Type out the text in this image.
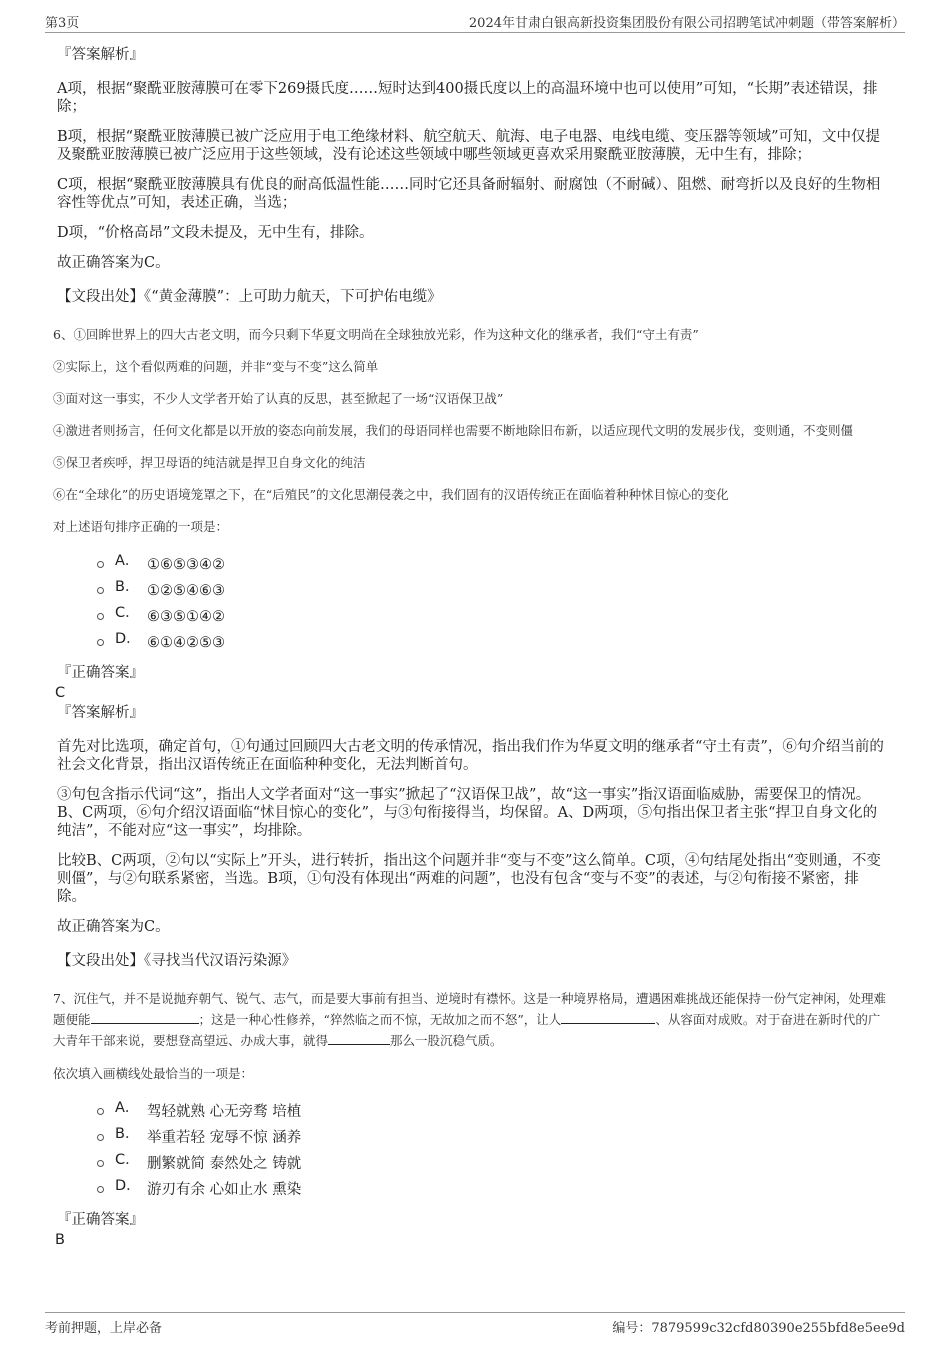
第3页	2024年甘肃白银高新投资集团股份有限公司招聘笔试冲刺题（带答案解析）
『答案解析』

A项，根据“聚酰亚胺薄膜可在零下269摄氏度……短时达到400摄氏度以上的高温环境中也可以使用”可知，“长期”表述错误，排除；

B项，根据“聚酰亚胺薄膜已被广泛应用于电工绝缘材料、航空航天、航海、电子电器、电线电缆、变压器等领域”可知，文中仅提及聚酰亚胺薄膜已被广泛应用于这些领域，没有论述这些领域中哪些领域更喜欢采用聚酰亚胺薄膜，无中生有，排除；

C项，根据“聚酰亚胺薄膜具有优良的耐高低温性能……同时它还具备耐辐射、耐腐蚀（不耐碱）、阻燃、耐弯折以及良好的生物相容性等优点”可知，表述正确，当选；

D项，“价格高昂”文段未提及，无中生有，排除。

故正确答案为C。

【文段出处】《“黄金薄膜”：上可助力航天，下可护佑电缆》

6、①回眸世界上的四大古老文明，而今只剩下华夏文明尚在全球独放光彩，作为这种文化的继承者，我们“守土有责”

②实际上，这个看似两难的问题，并非“变与不变”这么简单

③面对这一事实，不少人文学者开始了认真的反思，甚至掀起了一场“汉语保卫战”

④激进者则扬言，任何文化都是以开放的姿态向前发展，我们的母语同样也需要不断地除旧布新，以适应现代文明的发展步伐，变则通，不变则僵

⑤保卫者疾呼，捍卫母语的纯洁就是捍卫自身文化的纯洁

⑥在“全球化”的历史语境笼罩之下，在“后殖民”的文化思潮侵袭之中，我们固有的汉语传统正在面临着种种怵目惊心的变化

对上述语句排序正确的一项是：

A． ①⑥⑤③④②
B． ①②⑤④⑥③
C． ⑥③⑤①④②
D． ⑥①④②⑤③
『正确答案』
C
『答案解析』

首先对比选项，确定首句，①句通过回顾四大古老文明的传承情况，指出我们作为华夏文明的继承者“守土有责”，⑥句介绍当前的社会文化背景，指出汉语传统正在面临种种变化，无法判断首句。

③句包含指示代词“这”，指出人文学者面对“这一事实”掀起了“汉语保卫战”，故“这一事实”指汉语面临威胁，需要保卫的情况。B、C两项，⑥句介绍汉语面临“怵目惊心的变化”，与③句衔接得当，均保留。A、D两项，⑤句指出保卫者主张“捍卫自身文化的纯洁”，不能对应“这一事实”，均排除。

比较B、C两项，②句以“实际上”开头，进行转折，指出这个问题并非“变与不变”这么简单。C项，④句结尾处指出“变则通，不变则僵”，与②句联系紧密，当选。B项，①句没有体现出“两难的问题”，也没有包含“变与不变”的表述，与②句衔接不紧密，排除。

故正确答案为C。

【文段出处】《寻找当代汉语污染源》

7、沉住气，并不是说抛弃朝气、锐气、志气，而是要大事前有担当、逆境时有襟怀。这是一种境界格局，遭遇困难挑战还能保持一份气定神闲，处理难题便能	；这是一种心性修养，“猝然临之而不惊，无故加之而不怒”，让人	、从容面对成败。对于奋进在新时代的广大青年干部来说，要想登高望远、办成大事，就得	那么一股沉稳气质。

依次填入画横线处最恰当的一项是：

A． 驾轻就熟 心无旁骛 培植
B． 举重若轻 宠辱不惊 涵养
C． 删繁就简 泰然处之 铸就
D． 游刃有余 心如止水 熏染
『正确答案』
B
考前押题，上岸必备	编号：7879599c32cfd80390e255bfd8e5ee9d
